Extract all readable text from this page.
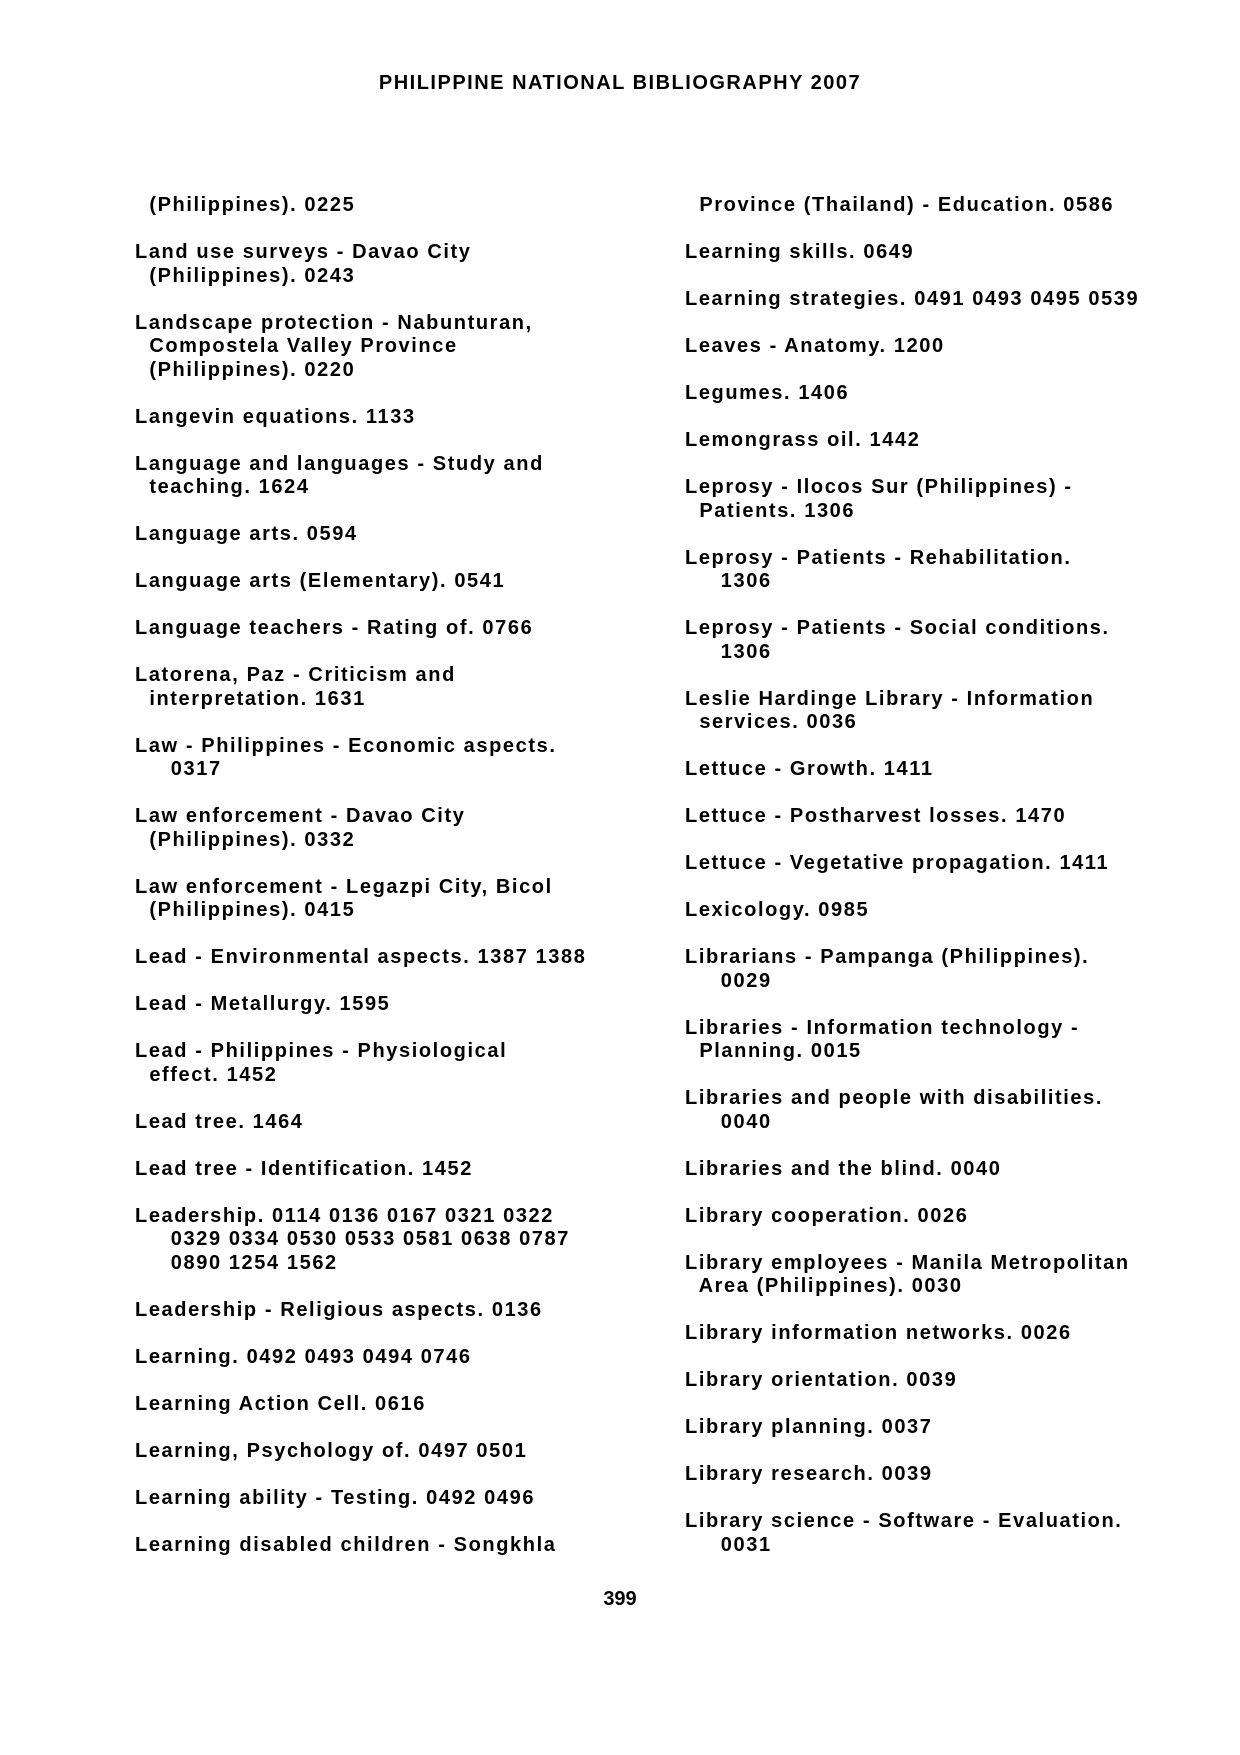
PHILIPPINE NATIONAL BIBLIOGRAPHY 2007
(Philippines). 0225
Land use surveys - Davao City
(Philippines). 0243
Landscape protection - Nabunturan,
Compostela Valley Province
(Philippines). 0220
Langevin equations. 1133
Language and languages - Study and
teaching. 1624
Language arts. 0594
Language arts (Elementary). 0541
Language teachers - Rating of. 0766
Latorena, Paz - Criticism and
interpretation. 1631
Law - Philippines - Economic aspects.
0317
Law enforcement - Davao City
(Philippines). 0332
Law enforcement - Legazpi City, Bicol
(Philippines). 0415
Lead - Environmental aspects. 1387 1388
Lead - Metallurgy. 1595
Lead - Philippines - Physiological
effect. 1452
Lead tree. 1464
Lead tree - Identification. 1452
Leadership. 0114 0136 0167 0321 0322
0329 0334 0530 0533 0581 0638 0787
0890 1254 1562
Leadership - Religious aspects. 0136
Learning. 0492 0493 0494 0746
Learning Action Cell. 0616
Learning, Psychology of. 0497 0501
Learning ability - Testing. 0492 0496
Learning disabled children - Songkhla
Province (Thailand) - Education. 0586
Learning skills. 0649
Learning strategies. 0491 0493 0495 0539
Leaves - Anatomy. 1200
Legumes. 1406
Lemongrass oil. 1442
Leprosy - Ilocos Sur (Philippines) -
Patients. 1306
Leprosy - Patients - Rehabilitation.
1306
Leprosy - Patients - Social conditions.
1306
Leslie Hardinge Library - Information
services. 0036
Lettuce - Growth. 1411
Lettuce - Postharvest losses. 1470
Lettuce - Vegetative propagation. 1411
Lexicology. 0985
Librarians - Pampanga (Philippines).
0029
Libraries - Information technology -
Planning. 0015
Libraries and people with disabilities.
0040
Libraries and the blind. 0040
Library cooperation. 0026
Library employees - Manila Metropolitan
Area (Philippines). 0030
Library information networks. 0026
Library orientation. 0039
Library planning. 0037
Library research. 0039
Library science - Software - Evaluation.
0031
399
